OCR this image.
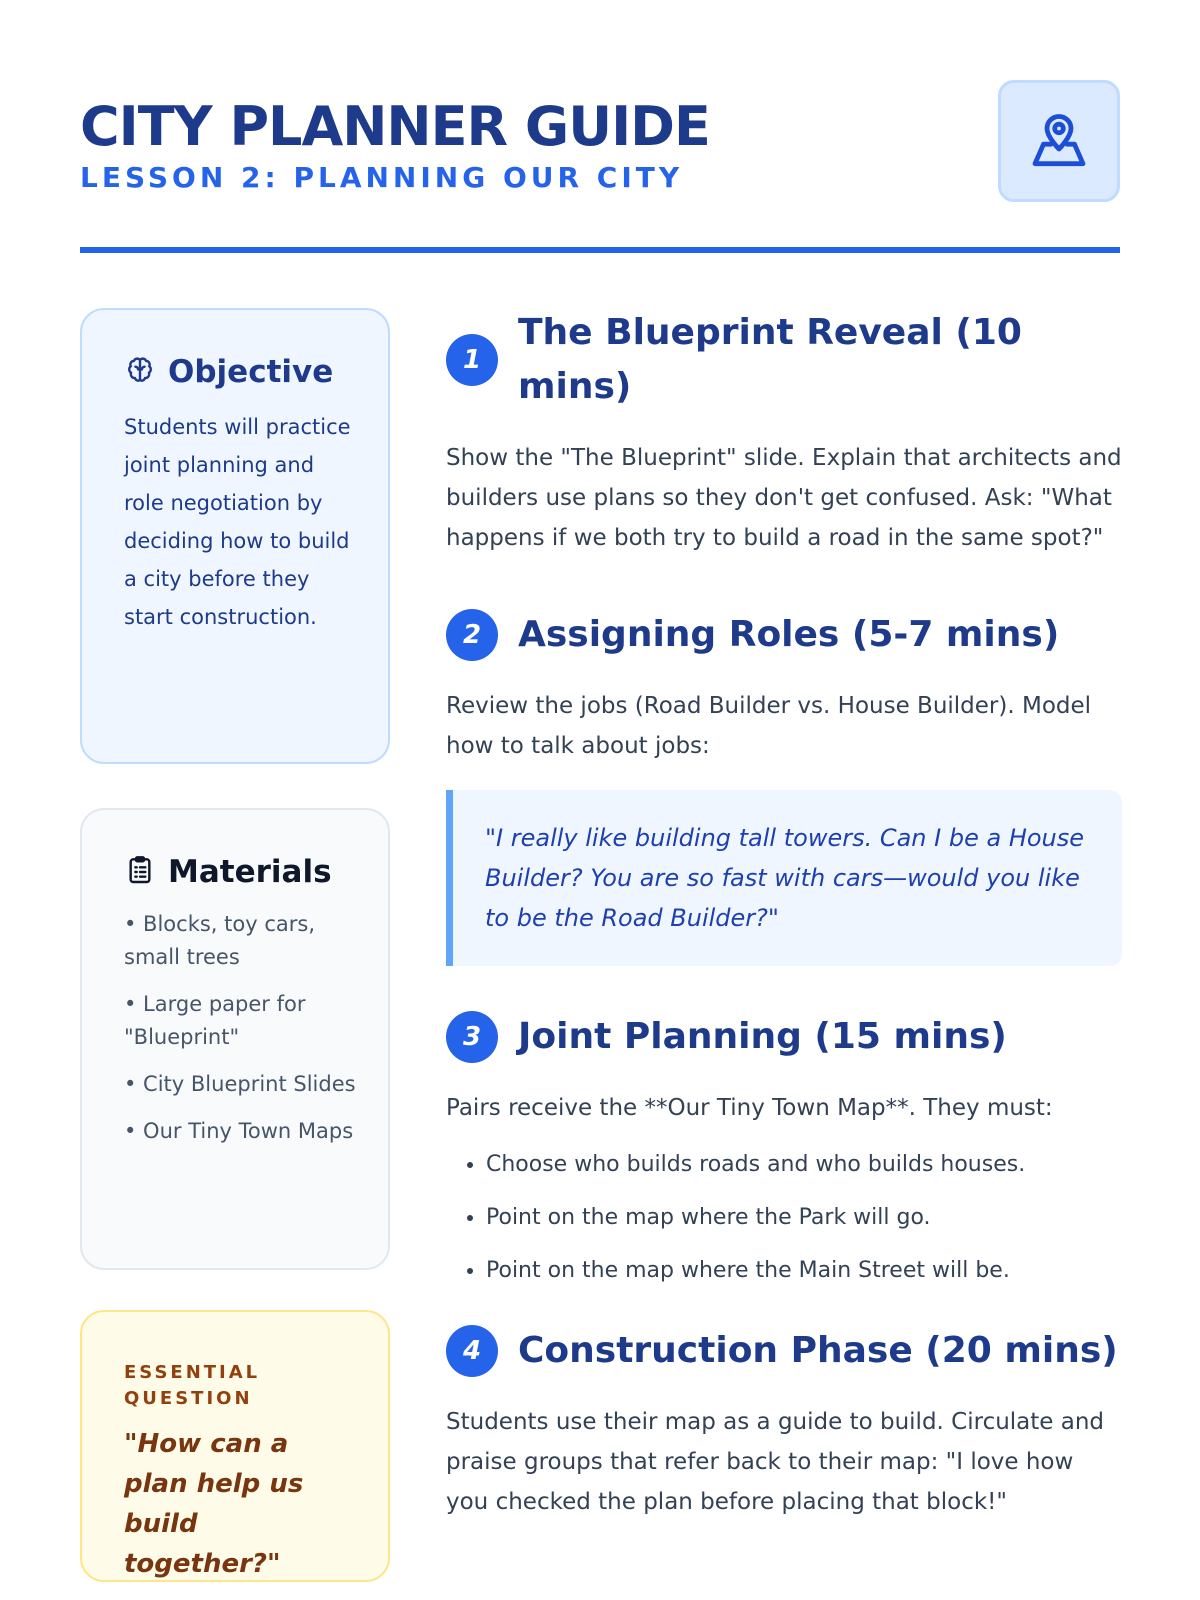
CITY PLANNER GUIDE
LESSON 2: PLANNING OUR CITY
Objective

Students will practice joint planning and role negotiation by deciding how to build a city before they start construction.

Materials
• Blocks, toy cars, small trees
• Large paper for "Blueprint"
• City Blueprint Slides
• Our Tiny Town Maps

ESSENTIAL QUESTION

"How can a plan help us build together?"

1
The Blueprint Reveal (10 mins)

Show the "The Blueprint" slide. Explain that architects and builders use plans so they don't get confused. Ask: "What happens if we both try to build a road in the same spot?"

2	Assigning Roles (5-7 mins)

Review the jobs (Road Builder vs. House Builder). Model how to talk about jobs:

"I really like building tall towers. Can I be a House Builder? You are so fast with cars—would you like to be the Road Builder?"
3	Joint Planning (15 mins)

Pairs receive the **Our Tiny Town Map**. They must:

• Choose who builds roads and who builds houses.
• Point on the map where the Park will go.
• Point on the map where the Main Street will be.
4	Construction Phase (20 mins)

Students use their map as a guide to build. Circulate and praise groups that refer back to their map: "I love how you checked the plan before placing that block!"
